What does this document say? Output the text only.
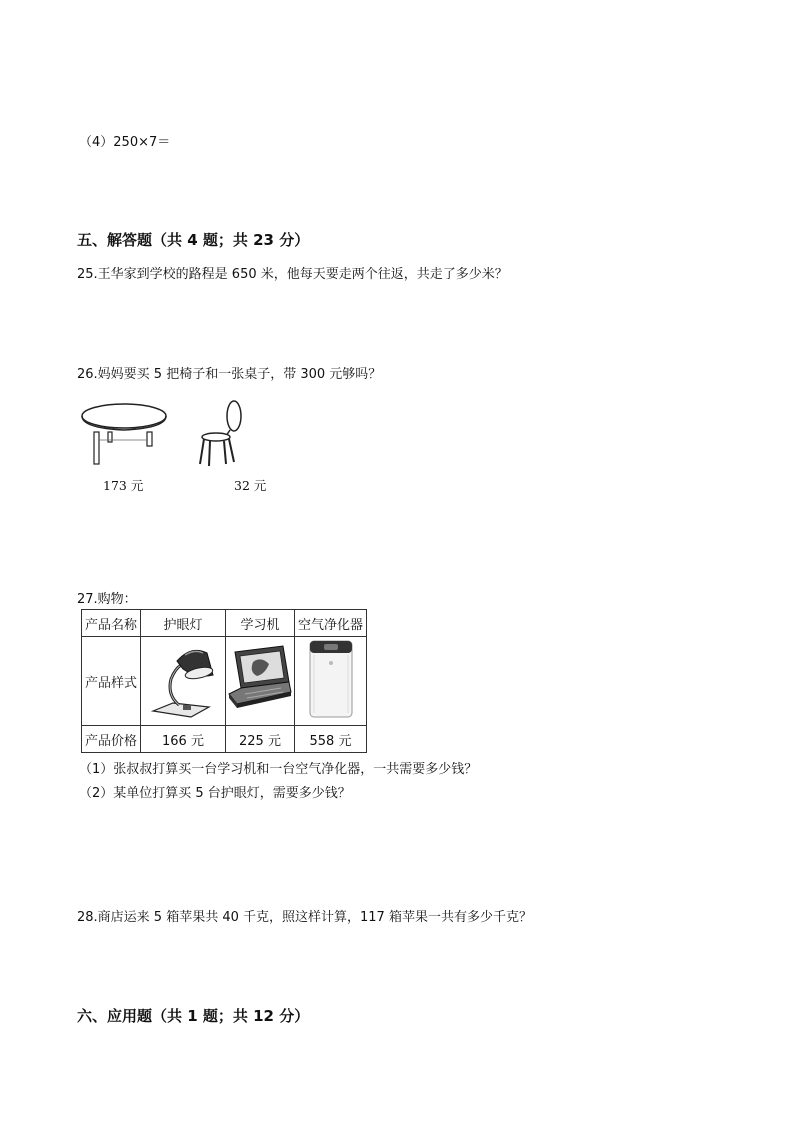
（4）250×7＝
五、解答题（共 4 题；共 23 分）
25.王华家到学校的路程是 650 米，他每天要走两个往返，共走了多少米？
26.妈妈要买 5 把椅子和一张桌子，带 300 元够吗？
173 元	32 元
27.购物：
产品名称	护眼灯	学习机	空气净化器
产品样式	

产品价格	166 元	225 元	558 元
（1）张叔叔打算买一台学习机和一台空气净化器，一共需要多少钱？
（2）某单位打算买 5 台护眼灯，需要多少钱？
28.商店运来 5 箱苹果共 40 千克，照这样计算，117 箱苹果一共有多少千克？
六、应用题（共 1 题；共 12 分）
